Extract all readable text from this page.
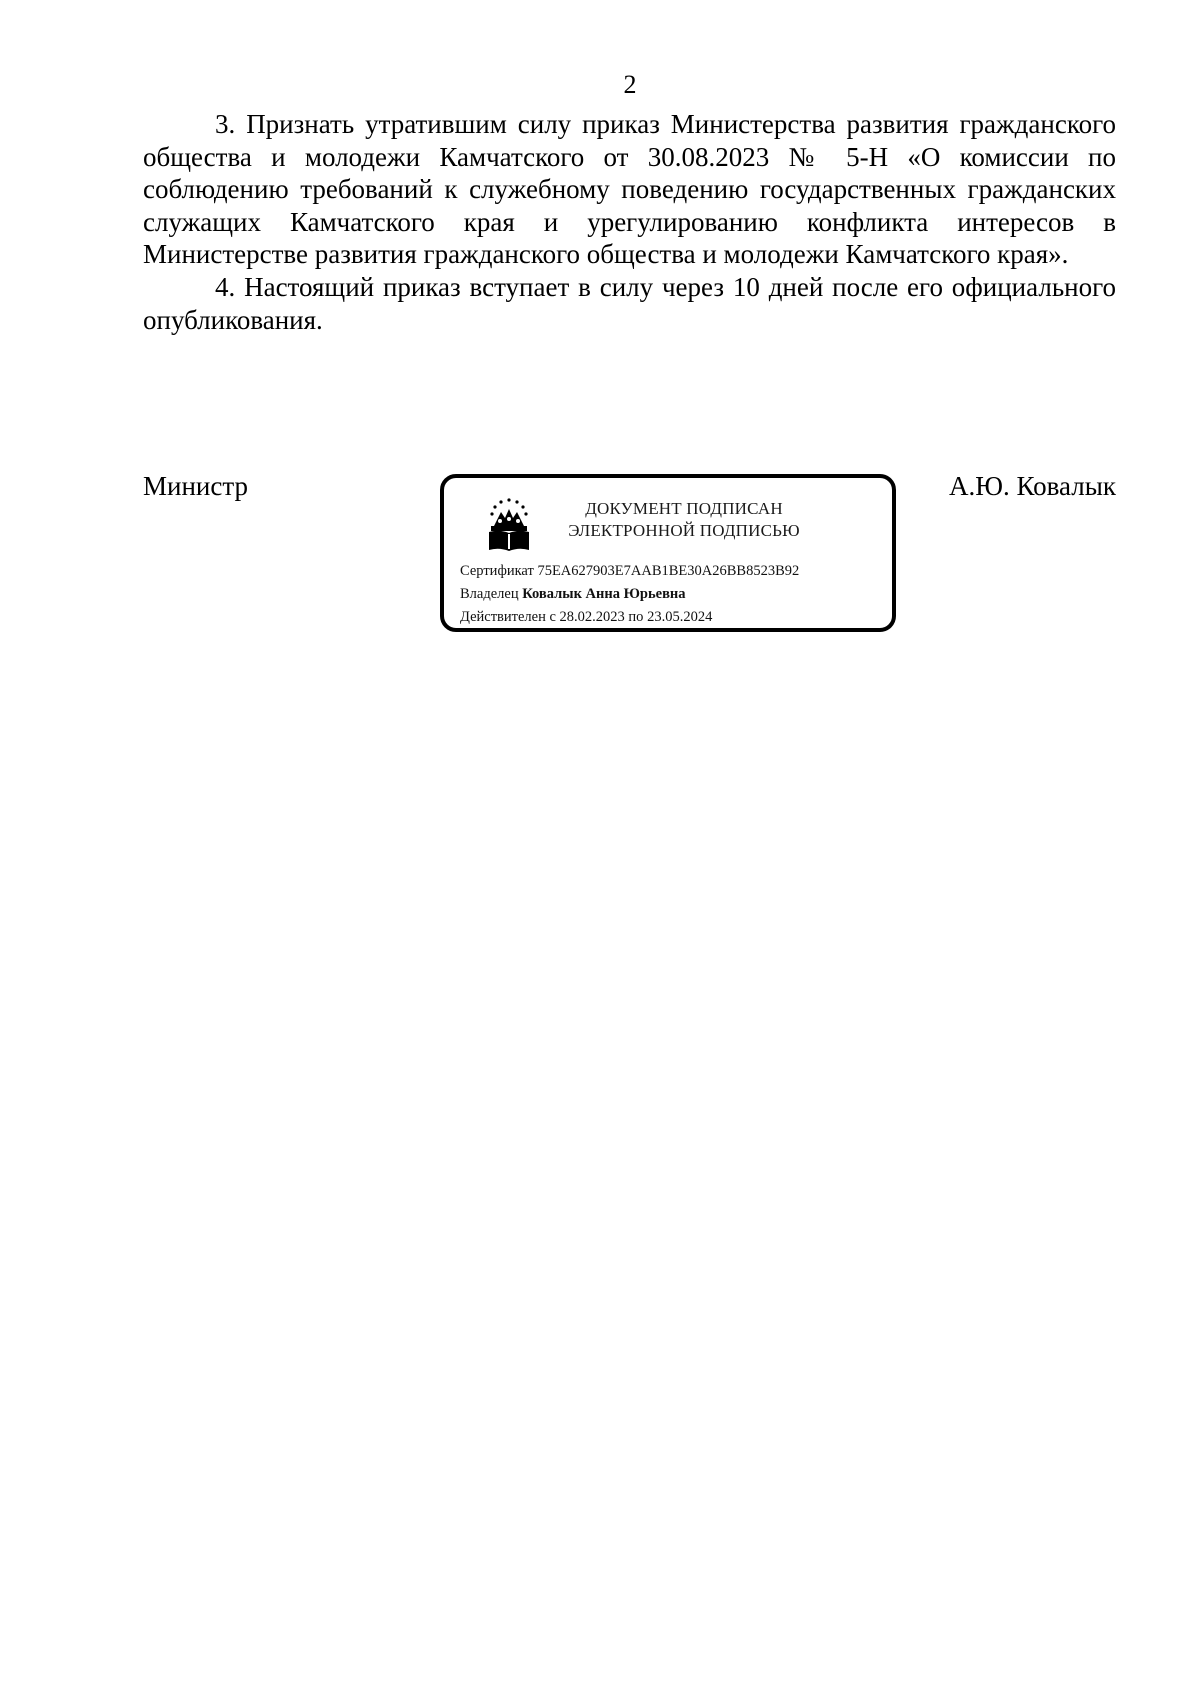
2

3. Признать утратившим силу приказ Министерства развития гражданского общества и молодежи Камчатского от 30.08.2023 № 5-Н «О комиссии по соблюдению требований к служебному поведению государственных гражданских служащих Камчатского края и урегулированию конфликта интересов в Министерстве развития гражданского общества и молодежи Камчатского края».

4. Настоящий приказ вступает в силу через 10 дней после его официального опубликования.

Министр	А.Ю. Ковалык
ДОКУМЕНТ ПОДПИСАН
ЭЛЕКТРОННОЙ ПОДПИСЬЮ
Сертификат 75EA627903E7AAB1BE30A26BB8523B92
Владелец Ковалык Анна Юрьевна
Действителен с 28.02.2023 по 23.05.2024
